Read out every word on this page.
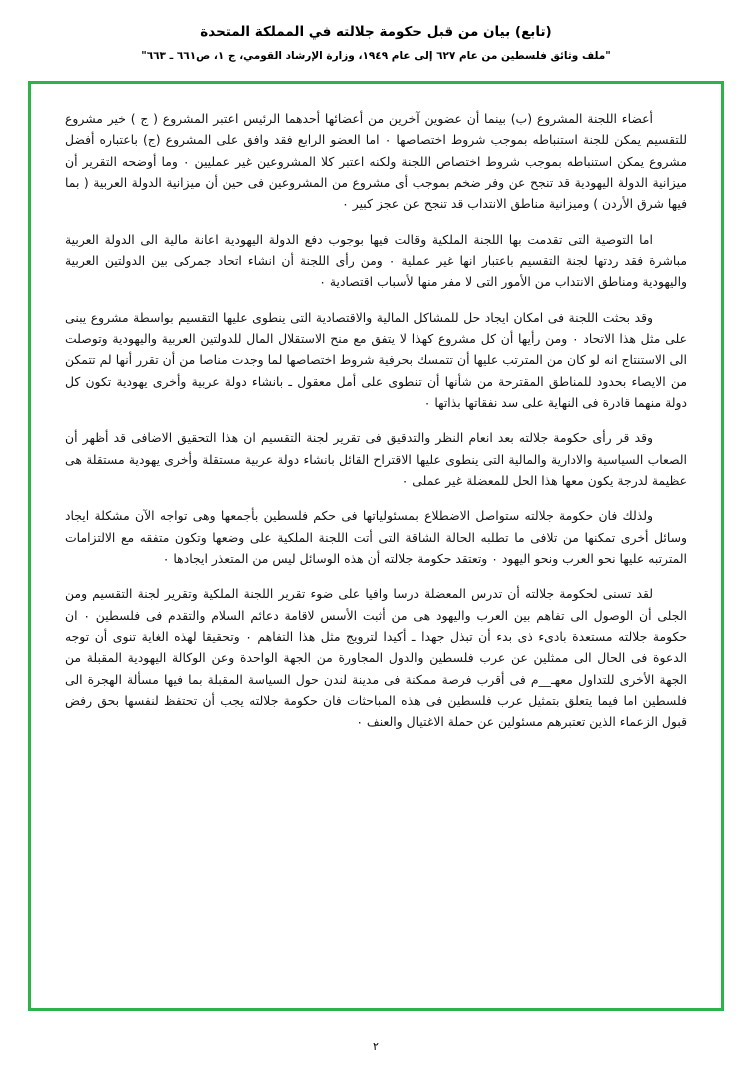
(تابع) بيان من قبل حكومة جلالته في المملكة المتحدة
"ملف وثائق فلسطين من عام ٦٢٧ إلى عام ١٩٤٩، وزارة الإرشاد القومي، ج ١، ص٦٦١ ـ ٦٦٣"

أعضاء اللجنة المشروع (ب) بينما أن عضوين آخرين من أعضائها أحدهما الرئيس اعتبر المشروع ( ج ) خير مشروع للتقسيم يمكن للجنة استنباطه بموجب شروط اختصاصها ٠ اما العضو الرابع فقد وافق على المشروع (ج) باعتباره أفضل مشروع يمكن استنباطه بموجب شروط اختصاص اللجنة ولكنه اعتبر كلا المشروعين غير عمليين ٠ وما أوضحه التقرير أن ميزانية الدولة اليهودية قد تنجح عن وفر ضخم بموجب أى مشروع من المشروعين فى حين أن ميزانية الدولة العربية ( بما فيها شرق الأردن ) وميزانية مناطق الانتداب قد تنجح عن عجز كبير ٠

اما التوصية التى تقدمت بها اللجنة الملكية وقالت فيها بوجوب دفع الدولة اليهودية اعانة مالية الى الدولة العربية مباشرة فقد ردتها لجنة التقسيم باعتبار انها غير عملية ٠ ومن رأى اللجنة أن انشاء اتحاد جمركى بين الدولتين العربية واليهودية ومناطق الانتداب من الأمور التى لا مفر منها لأسباب اقتصادية ٠

وقد بحثت اللجنة فى امكان ايجاد حل للمشاكل المالية والاقتصادية التى ينطوى عليها التقسيم بواسطة مشروع يبنى على مثل هذا الاتحاد ٠ ومن رأيها أن كل مشروع كهذا لا يتفق مع منح الاستقلال المال للدولتين العربية واليهودية وتوصلت الى الاستنتاج انه لو كان من المترتب عليها أن تتمسك بحرفية شروط اختصاصها لما وجدت مناصا من أن تقرر أنها لم تتمكن من الايصاء بحدود للمناطق المقترحة من شأنها أن تنطوى على أمل معقول ـ بانشاء دولة عربية وأخرى يهودية تكون كل دولة منهما قادرة فى النهاية على سد نفقاتها بذاتها ٠

وقد قر رأى حكومة جلالته بعد انعام النظر والتدقيق فى تقرير لجنة التقسيم ان هذا التحقيق الاضافى قد أظهر أن الصعاب السياسية والادارية والمالية التى ينطوى عليها الاقتراح القائل بانشاء دولة عربية مستقلة وأخرى يهودية مستقلة هى عظيمة لدرجة يكون معها هذا الحل للمعضلة غير عملى ٠

ولذلك فان حكومة جلالته ستواصل الاضطلاع بمسئولياتها فى حكم فلسطين بأجمعها وهى تواجه الآن مشكلة ايجاد وسائل أخرى تمكنها من تلافى ما تطلبه الحالة الشاقة التى أتت اللجنة الملكية على وضعها وتكون متفقه مع الالتزامات المترتبه عليها نحو العرب ونحو اليهود ٠ وتعتقد حكومة جلالته أن هذه الوسائل ليس من المتعذر ايجادها ٠

لقد تسنى لحكومة جلالته أن تدرس المعضلة درسا وافيا على ضوء تقرير اللجنة الملكية وتقرير لجنة التقسيم ومن الجلى أن الوصول الى تفاهم بين العرب واليهود هى من أثبت الأسس لاقامة دعائم السلام والتقدم فى فلسطين ٠ ان حكومة جلالته مستعدة بادىء ذى بدء أن تبذل جهدا ـ أكيدا لترويج مثل هذا التفاهم ٠ وتحقيقا لهذه الغاية تنوى أن توجه الدعوة فى الحال الى ممثلين عن عرب فلسطين والدول المجاورة من الجهة الواحدة وعن الوكالة اليهودية المقبلة من الجهة الأخرى للتداول معهـ__م فى أقرب فرصة ممكنة فى مدينة لندن حول السياسة المقبلة بما فيها مسألة الهجرة الى فلسطين اما فيما يتعلق بتمثيل عرب فلسطين فى هذه المباحثات فان حكومة جلالته يجب أن تحتفظ لنفسها بحق رفض قبول الزعماء الذين تعتبرهم مسئولين عن حملة الاغتيال والعنف ٠

٢
